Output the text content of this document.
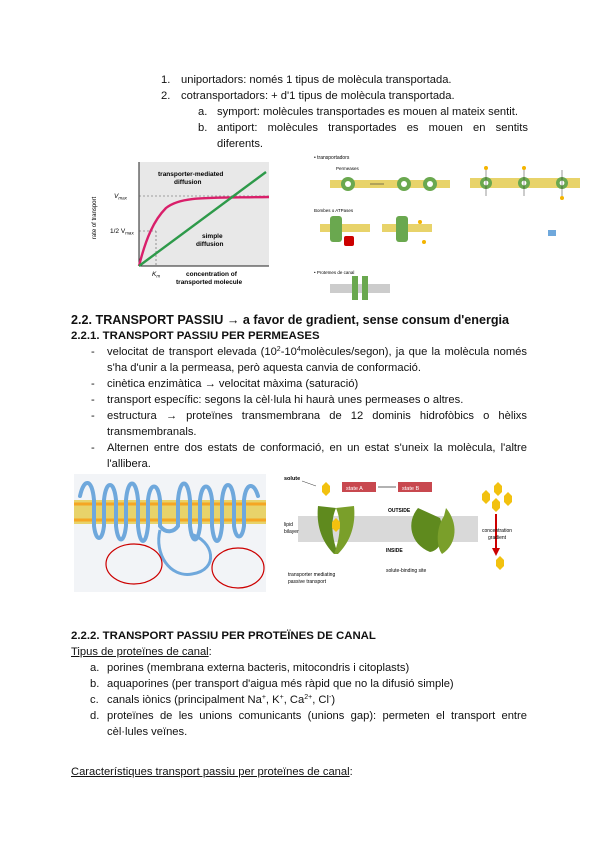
1. uniportadors: només 1 tipus de molècula transportada.
2. cotransportadors: + d'1 tipus de molècula transportada.
a. symport: molècules transportades es mouen al mateix sentit.
b. antiport: molècules transportades es mouen en sentits
diferents.
rate of transport
$V_{max}$
1/2 $V_{max}$
$K_m$
transporter-mediated
diffusion
simple
diffusion
concentration of
transported molecule
• transportadors
Permeases
Bombes o ATPases
• Proteïnes de canal
2.2. TRANSPORT PASSIU → a favor de gradient, sense consum d'energia
2.2.1. TRANSPORT PASSIU PER PERMEASES
- velocitat de transport elevada $(10^2-10^4molècules/segon)$, ja que la molècula només
s'ha d'unir a la permeasa, però aquesta canvia de conformació.
- cinètica enzimàtica → velocitat màxima (saturació)
- transport específic: segons la cèl·lula hi haurà unes permeases o altres.
- estructura → proteïnes transmembrana de 12 dominis hidrofòbics o hèlixs
transmembranals.
- Alternen entre dos estats de conformació, en un estat s'uneix la molècula, l'altre
l'allibera.
solute
state A	state B
OUTSIDE
lipid
bilayer
INSIDE
concentration
gradient
transporter mediating
passive transport
solute-binding site
2.2.2. TRANSPORT PASSIU PER PROTEÏNES DE CANAL
Tipus de proteïnes de canal:
a. porines (membrana externa bacteris, mitocondris i citoplasts)
b. aquaporines (per transport d'aigua més ràpid que no la difusió simple)
c. canals iònics (principalment Na+, K+, $Ca^{2+}$, Cl-)
d. proteïnes de les unions comunicants (unions gap): permeten el transport entre
cèl·lules veïnes.
Característiques transport passiu per proteïnes de canal:
